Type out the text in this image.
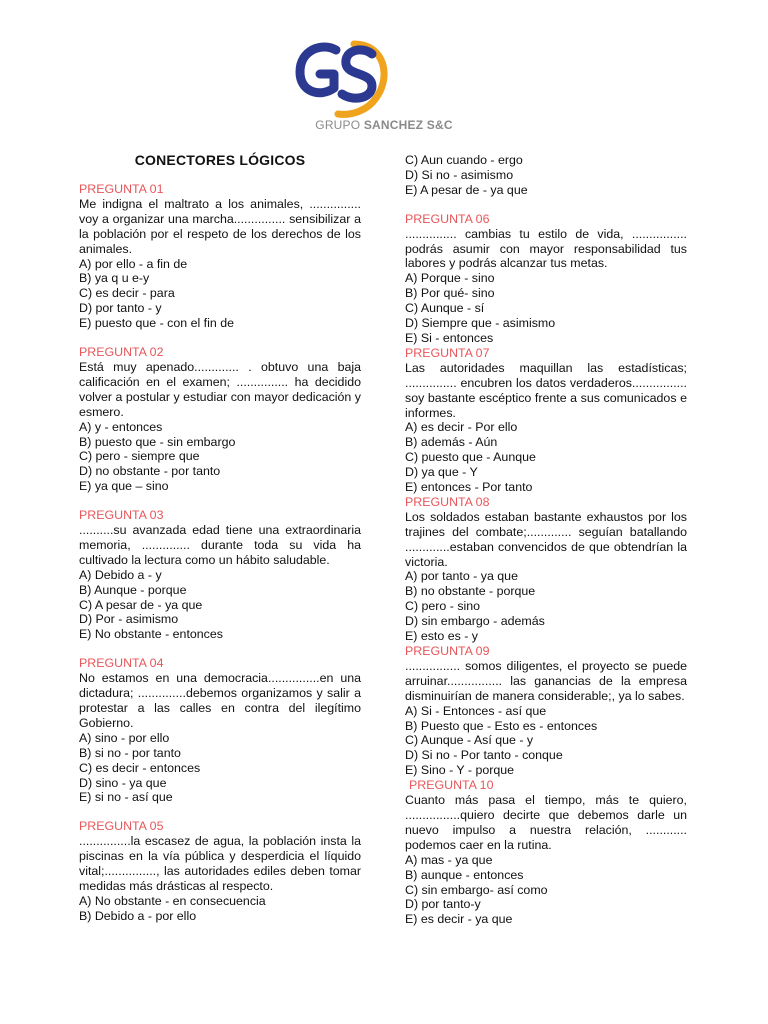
GRUPO SANCHEZ S&C
CONECTORES LÓGICOS

PREGUNTA 01

Me indigna el maltrato a los animales, ............... voy a organizar una marcha............... sensibilizar a la población por el respeto de los derechos de los animales.

A) por ello - a fin de

B) ya q u e-y

C) es decir - para

D) por tanto - y

E) puesto que - con el fin de

PREGUNTA 02

Está muy apenado............. . obtuvo una baja calificación en el examen; ............... ha decidido volver a postular y estudiar con mayor dedicación y esmero.

A) y - entonces

B) puesto que - sin embargo

C) pero - siempre que

D) no obstante - por tanto

E) ya que – sino

PREGUNTA 03

..........su avanzada edad tiene una extraordinaria memoria, .............. durante toda su vida ha cultivado la lectura como un hábito saludable.

A) Debido a - y

B) Aunque - porque

C) A pesar de - ya que

D) Por - asimismo

E) No obstante - entonces

PREGUNTA 04

No estamos en una democracia...............en una dictadura; ..............debemos organizamos y salir a protestar a las calles en contra del ilegítimo Gobierno.

A) sino - por ello

B) si no - por tanto

C) es decir - entonces

D) sino - ya que

E) si no - así que

PREGUNTA 05

...............la escasez de agua, la población insta la piscinas en la vía pública y desperdicia el líquido vital;..............., las autoridades ediles deben tomar medidas más drásticas al respecto.

A) No obstante - en consecuencia

B) Debido a - por ello

C) Aun cuando - ergo

D) Si no - asimismo

E) A pesar de - ya que

PREGUNTA 06

............... cambias tu estilo de vida, ................ podrás asumir con mayor responsabilidad tus labores y podrás alcanzar tus metas.

A) Porque - sino

B) Por qué- sino

C) Aunque - sí

D) Siempre que - asimismo

E) Si - entonces

PREGUNTA 07

Las autoridades maquillan las estadísticas; ............... encubren los datos verdaderos................ soy bastante escéptico frente a sus comunicados e informes.

A) es decir - Por ello

B) además - Aún

C) puesto que - Aunque

D) ya que - Y

E) entonces - Por tanto

PREGUNTA 08

Los soldados estaban bastante exhaustos por los trajines del combate;............. seguían batallando .............estaban convencidos de que obtendrían la victoria.

A) por tanto - ya que

B) no obstante - porque

C) pero - sino

D) sin embargo - además

E) esto es - y

PREGUNTA 09

................ somos diligentes, el proyecto se puede arruinar................ las ganancias de la empresa disminuirían de manera considerable;, ya lo sabes.

A) Si - Entonces - así que

B) Puesto que - Esto es - entonces

C) Aunque - Así que - y

D) Si no - Por tanto - conque

E) Sino - Y - porque

PREGUNTA 10

Cuanto más pasa el tiempo, más te quiero, ................quiero decirte que debemos darle un nuevo impulso a nuestra relación, ............ podemos caer en la rutina.

A) mas - ya que

B) aunque - entonces

C) sin embargo- así como

D) por tanto-y

E) es decir - ya que
